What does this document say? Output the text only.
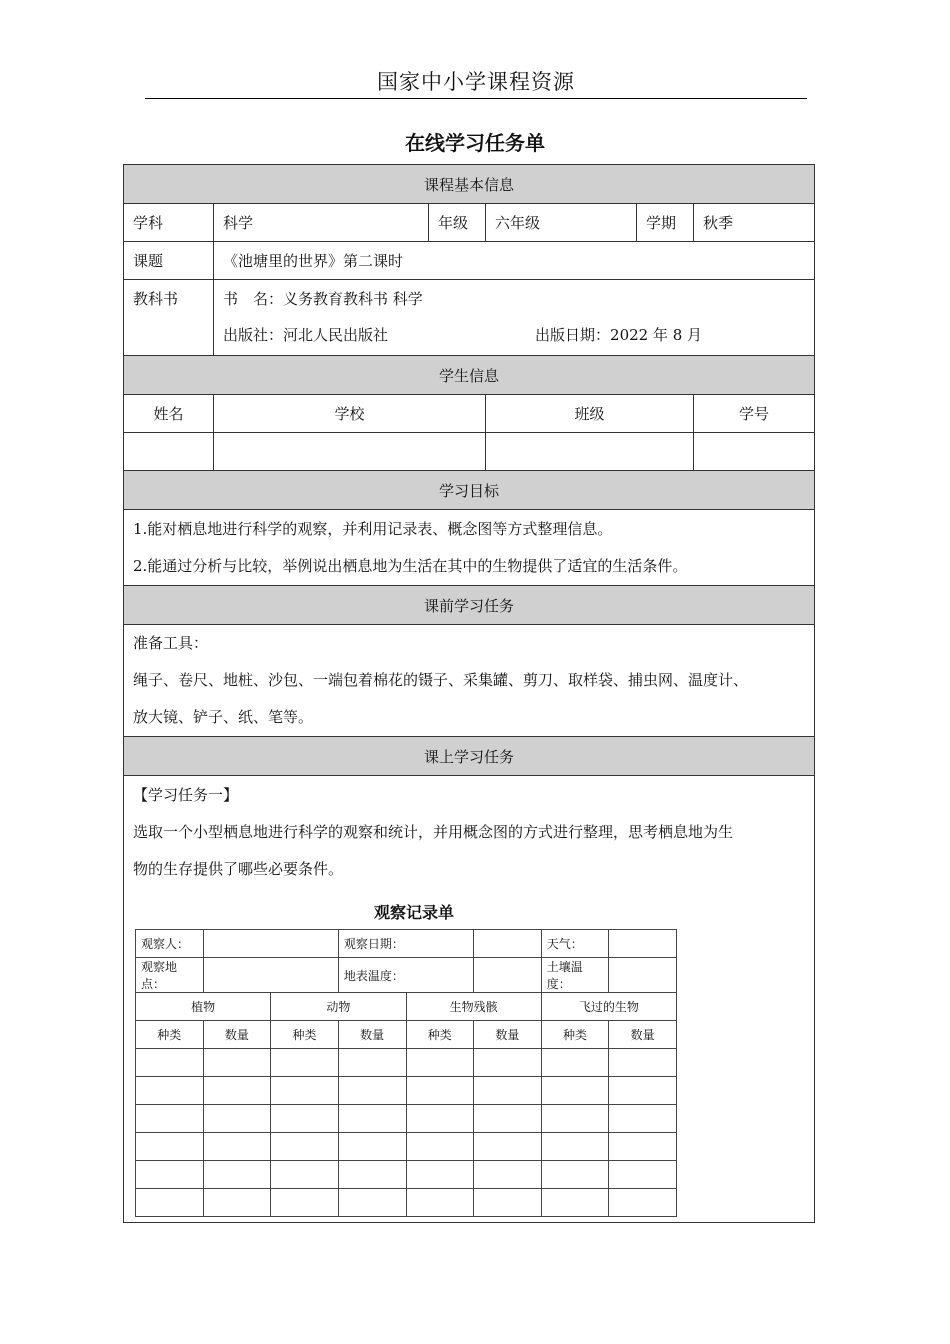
国家中小学课程资源
在线学习任务单
课程基本信息
学科	科学	年级	六年级	学期	秋季
课题	《池塘里的世界》第二课时
教科书	书　名： 义务教育教科书 科学
出版社： 河北人民出版社	出版日期： 2022 年 8 月

学生信息
姓名	学校	班级	学号

学习目标

1.能对栖息地进行科学的观察，并利用记录表、概念图等方式整理信息。
2.能通过分析与比较，举例说出栖息地为生活在其中的生物提供了适宜的生活条件。

课前学习任务

准备工具：
绳子、卷尺、地桩、沙包、一端包着棉花的镊子、采集罐、剪刀、取样袋、捕虫网、温度计、
放大镜、铲子、纸、笔等。

课上学习任务

【学习任务一】
选取一个小型栖息地进行科学的观察和统计，并用概念图的方式进行整理，思考栖息地为生
物的生存提供了哪些必要条件。
观察记录单
观察人：		观察日期：		天气：	
观察地点：		地表温度：		土壤温度：	
植物	动物	生物残骸	飞过的生物
种类	数量	种类	数量	种类	数量	种类	数量
